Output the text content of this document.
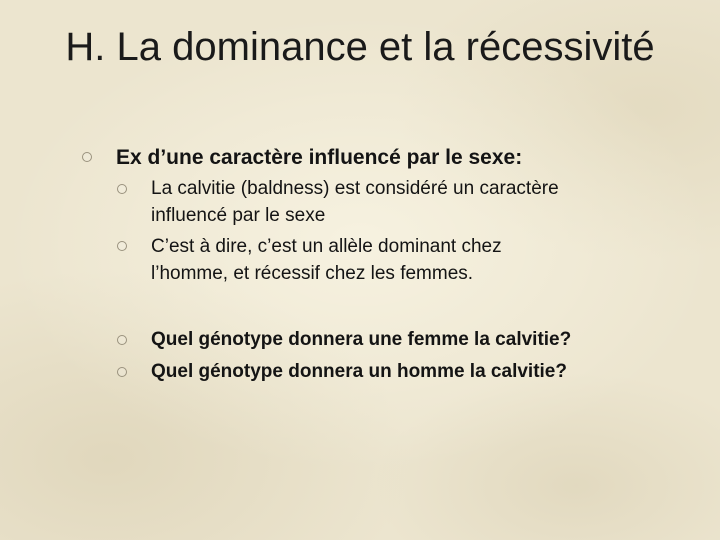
H. La dominance et la récessivité

Ex d’une caractère influencé par le sexe:

La calvitie (baldness) est considéré un caractère

influencé par le sexe

C’est à dire, c’est un allèle dominant chez

l’homme, et récessif chez les femmes.

Quel génotype donnera une femme la calvitie?

Quel génotype donnera un homme la calvitie?
